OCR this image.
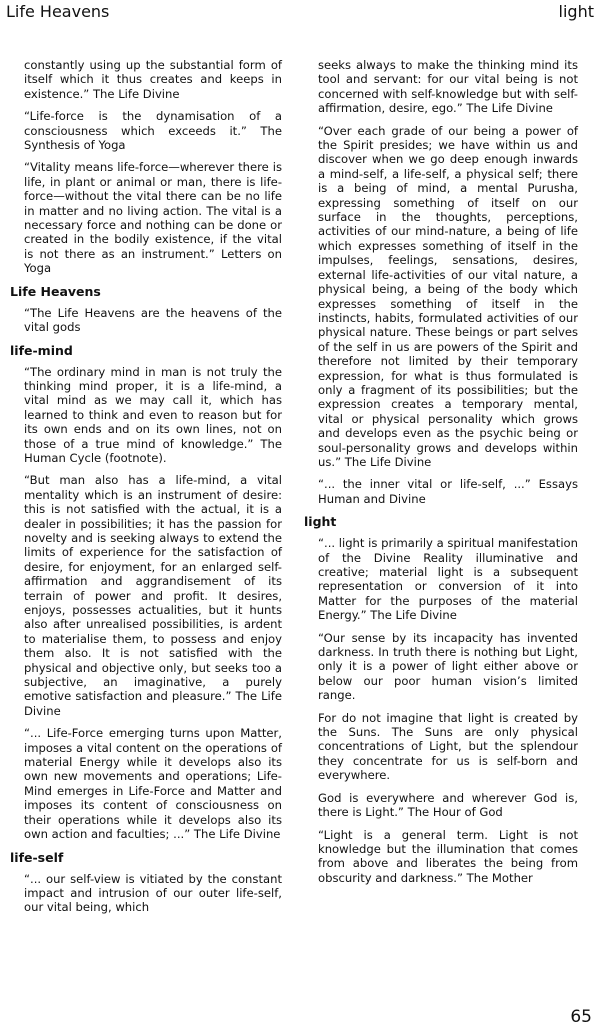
Life Heavens	light

constantly using up the substantial form of itself which it thus creates and keeps in existence.” The Life Divine

“Life-force is the dynamisation of a consciousness which exceeds it.” The Synthesis of Yoga

“Vitality means life-force—wherever there is life, in plant or animal or man, there is life-force—without the vital there can be no life in matter and no living action. The vital is a necessary force and nothing can be done or created in the bodily existence, if the vital is not there as an instrument.” Letters on Yoga

Life Heavens

“The Life Heavens are the heavens of the vital gods

life-mind

“The ordinary mind in man is not truly the thinking mind proper, it is a life-mind, a vital mind as we may call it, which has learned to think and even to reason but for its own ends and on its own lines, not on those of a true mind of knowledge.” The Human Cycle (footnote).

“But man also has a life-mind, a vital mentality which is an instrument of desire: this is not satisfied with the actual, it is a dealer in possibilities; it has the passion for novelty and is seeking always to extend the limits of experience for the satisfaction of desire, for enjoyment, for an enlarged self-affirmation and aggrandisement of its terrain of power and profit. It desires, enjoys, possesses actualities, but it hunts also after unrealised possibilities, is ardent to materialise them, to possess and enjoy them also. It is not satisfied with the physical and objective only, but seeks too a subjective, an imaginative, a purely emotive satisfaction and pleasure.” The Life Divine

“... Life-Force emerging turns upon Matter, imposes a vital content on the operations of material Energy while it develops also its own new movements and operations; Life-Mind emerges in Life-Force and Matter and imposes its content of consciousness on their operations while it develops also its own action and faculties; ...” The Life Divine

life-self

“... our self-view is vitiated by the constant impact and intrusion of our outer life-self, our vital being, which

seeks always to make the thinking mind its tool and servant: for our vital being is not concerned with self-knowledge but with self-affirmation, desire, ego.” The Life Divine

“Over each grade of our being a power of the Spirit presides; we have within us and discover when we go deep enough inwards a mind-self, a life-self, a physical self; there is a being of mind, a mental Purusha, expressing something of itself on our surface in the thoughts, perceptions, activities of our mind-nature, a being of life which expresses something of itself in the impulses, feelings, sensations, desires, external life-activities of our vital nature, a physical being, a being of the body which expresses something of itself in the instincts, habits, formulated activities of our physical nature. These beings or part selves of the self in us are powers of the Spirit and therefore not limited by their temporary expression, for what is thus formulated is only a fragment of its possibilities; but the expression creates a temporary mental, vital or physical personality which grows and develops even as the psychic being or soul-personality grows and develops within us.” The Life Divine

“... the inner vital or life-self, ...” Essays Human and Divine

light

“... light is primarily a spiritual manifestation of the Divine Reality illuminative and creative; material light is a subsequent representation or conversion of it into Matter for the purposes of the material Energy.” The Life Divine

“Our sense by its incapacity has invented darkness. In truth there is nothing but Light, only it is a power of light either above or below our poor human vision’s limited range.

For do not imagine that light is created by the Suns. The Suns are only physical concentrations of Light, but the splendour they concentrate for us is self-born and everywhere.

God is everywhere and wherever God is, there is Light.” The Hour of God

“Light is a general term. Light is not knowledge but the illumination that comes from above and liberates the being from obscurity and darkness.” The Mother

65
